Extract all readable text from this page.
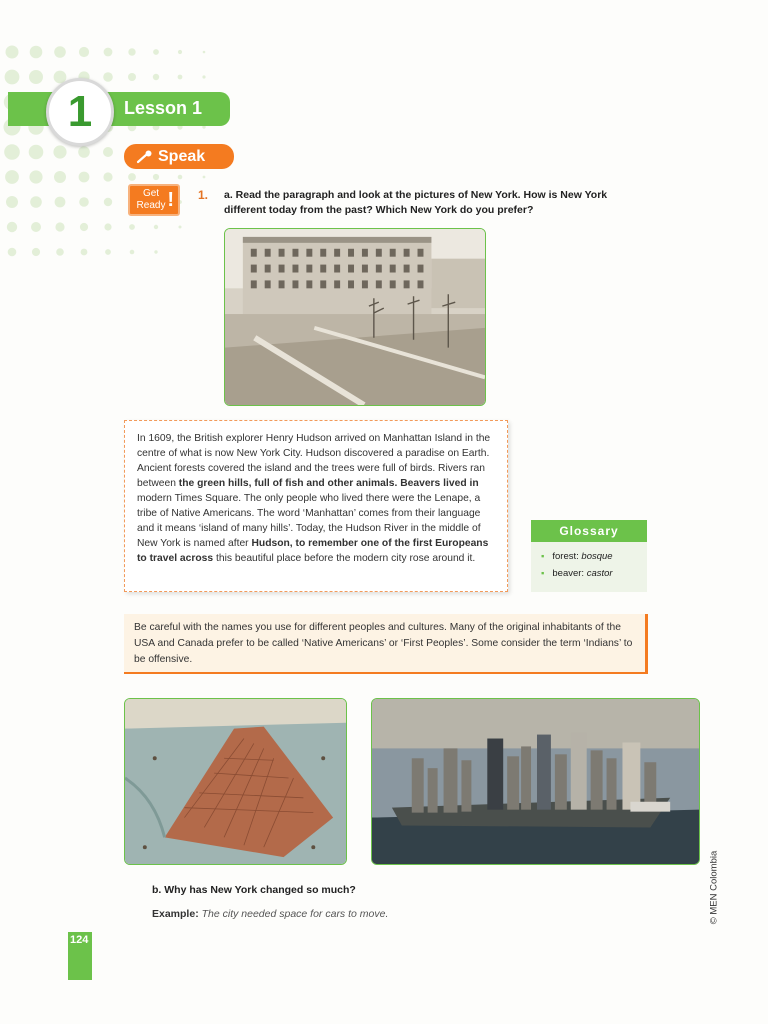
Lesson 1
1
Speak
Get Ready ! 1. a. Read the paragraph and look at the pictures of New York. How is New York different today from the past? Which New York do you prefer?
In 1609, the British explorer Henry Hudson arrived on Manhattan Island in the centre of what is now New York City. Hudson discovered a paradise on Earth. Ancient forests covered the island and the trees were full of birds. Rivers ran between the green hills, full of fish and other animals. Beavers lived in modern Times Square. The only people who lived there were the Lenape, a tribe of Native Americans. The word ‘Manhattan’ comes from their language and it means ‘island of many hills’. Today, the Hudson River in the middle of New York is named after Hudson, to remember one of the first Europeans to travel across this beautiful place before the modern city rose around it.
Glossary
▪ forest: bosque
▪ beaver: castor
Be careful with the names you use for different peoples and cultures. Many of the original inhabitants of the USA and Canada prefer to be called ‘Native Americans’ or ‘First Peoples’. Some consider the term ‘Indians’ to be offensive.
b. Why has New York changed so much?
Example: The city needed space for cars to move.
124
© MEN Colombia
